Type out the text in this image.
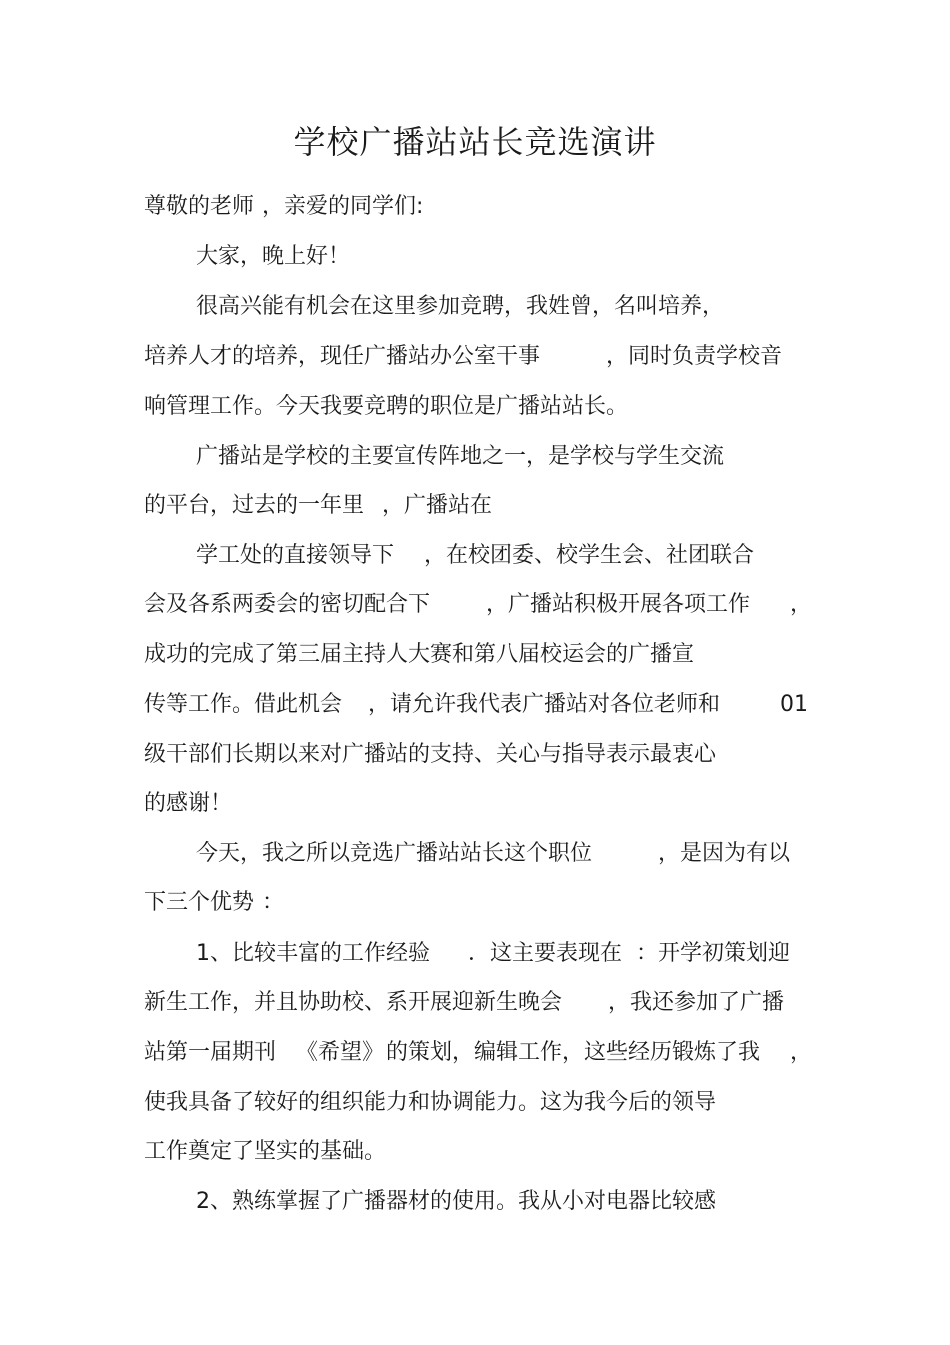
学校广播站站长竞选演讲
尊敬的老师 ，亲爱的同学们:
大家，晚上好！
很高兴能有机会在这里参加竞聘，我姓曾，名叫培养，
培养人才的培养，现任广播站办公室干事	，同时负责学校音
响管理工作。今天我要竞聘的职位是广播站站长。
广播站是学校的主要宣传阵地之一，是学校与学生交流
的平台，过去的一年里 ，广播站在
学工处的直接领导下 ，在校团委、校学生会、社团联合
会及各系两委会的密切配合下	，广播站积极开展各项工作 ，
成功的完成了第三届主持人大赛和第八届校运会的广播宣
传等工作。借此机会 ，请允许我代表广播站对各位老师和	01
级干部们长期以来对广播站的支持、关心与指导表示最衷心
的感谢！
今天，我之所以竞选广播站站长这个职位	，是因为有以
下三个优势 ：
1、比较丰富的工作经验 ．这主要表现在 ：开学初策划迎
新生工作，并且协助校、系开展迎新生晚会 ，我还参加了广播
站第一届期刊 《希望》 的策划，编辑工作，这些经历锻炼了我 ，
使我具备了较好的组织能力和协调能力。这为我今后的领导
工作奠定了坚实的基础。
2、熟练掌握了广播器材的使用。我从小对电器比较感
